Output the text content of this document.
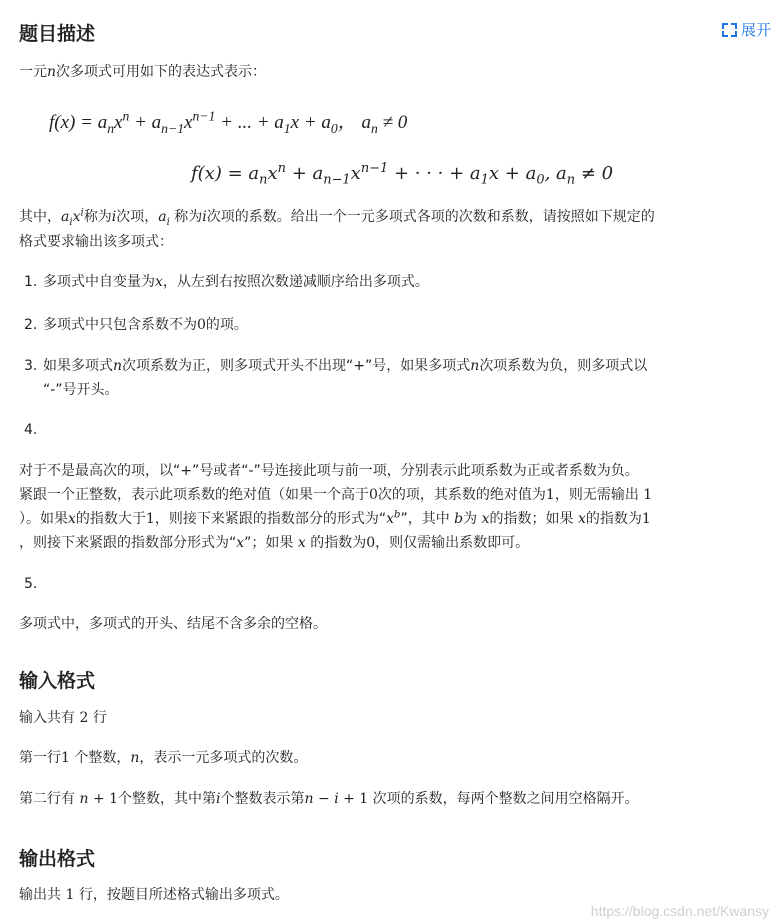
题目描述	展开

一元n次多项式可用如下的表达式表示：

$f(x) = a_nx^n + a_{n-1}x^{n-1}$ + ... + $a_1x + a_0$， $a_n \ne 0$
$f(x) = a_nx^n + a_{n-1}x^{n-1}$ + · · · + $a_1x + a_0$, $a_n \ne 0$

其中，$a_ix^i$称为i次项，$a_i$ 称为i次项的系数。给出一个一元多项式各项的次数和系数，请按照如下规定的

格式要求输出该多项式：

1. 多项式中自变量为x，从左到右按照次数递减顺序给出多项式。
2. 多项式中只包含系数不为0的项。
3. 如果多项式n次项系数为正，则多项式开头不出现“+”号，如果多项式n次项系数为负，则多项式以
“-”号开头。
4.

对于不是最高次的项，以“+”号或者“-”号连接此项与前一项，分别表示此项系数为正或者系数为负。

紧跟一个正整数，表示此项系数的绝对值（如果一个高于0次的项，其系数的绝对值为1，则无需输出 1

）。如果x的指数大于1，则接下来紧跟的指数部分的形式为“$x^b$”，其中 b为 x的指数；如果 x的指数为1

，则接下来紧跟的指数部分形式为“x”；如果 x 的指数为0，则仅需输出系数即可。

5.

多项式中，多项式的开头、结尾不含多余的空格。

输入格式

输入共有 2 行

第一行1 个整数，n，表示一元多项式的次数。

第二行有 n + 1个整数，其中第i个整数表示第n − i + 1 次项的系数，每两个整数之间用空格隔开。

输出格式

输出共 1 行，按题目所述格式输出多项式。

https://blog.csdn.net/Kwansy
